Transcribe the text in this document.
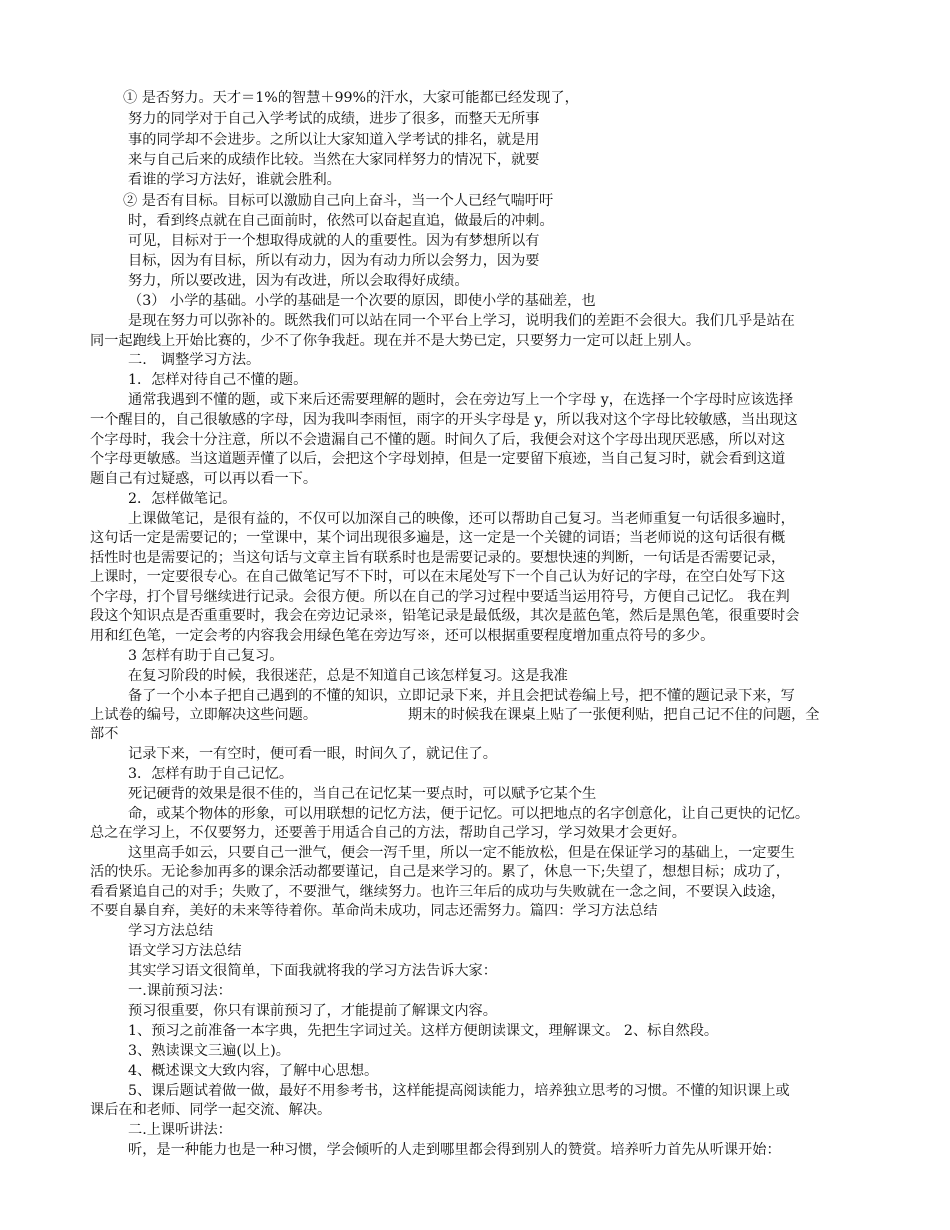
① 是否努力。天才＝1%的智慧＋99%的汗水，大家可能都已经发现了，
努力的同学对于自己入学考试的成绩，进步了很多，而整天无所事
事的同学却不会进步。之所以让大家知道入学考试的排名，就是用
来与自己后来的成绩作比较。当然在大家同样努力的情况下，就要
看谁的学习方法好，谁就会胜利。
② 是否有目标。目标可以激励自己向上奋斗，当一个人已经气喘吁吁
时，看到终点就在自己面前时，依然可以奋起直追，做最后的冲刺。
可见，目标对于一个想取得成就的人的重要性。因为有梦想所以有
目标，因为有目标，所以有动力，因为有动力所以会努力，因为要
努力，所以要改进，因为有改进，所以会取得好成绩。
（3） 小学的基础。小学的基础是一个次要的原因，即使小学的基础差，也
是现在努力可以弥补的。既然我们可以站在同一个平台上学习，说明我们的差距不会很大。我们几乎是站在
同一起跑线上开始比赛的，少不了你争我赶。现在并不是大势已定，只要努力一定可以赶上别人。
二.　调整学习方法。
1．怎样对待自己不懂的题。
通常我遇到不懂的题，或下来后还需要理解的题时，会在旁边写上一个字母 y，在选择一个字母时应该选择
一个醒目的，自己很敏感的字母，因为我叫李雨恒，雨字的开头字母是 y，所以我对这个字母比较敏感，当出现这
个字母时，我会十分注意，所以不会遗漏自己不懂的题。时间久了后，我便会对这个字母出现厌恶感，所以对这
个字母更敏感。当这道题弄懂了以后，会把这个字母划掉，但是一定要留下痕迹，当自己复习时，就会看到这道
题自己有过疑惑，可以再以看一下。
2．怎样做笔记。
上课做笔记，是很有益的，不仅可以加深自己的映像，还可以帮助自己复习。当老师重复一句话很多遍时，
这句话一定是需要记的；一堂课中，某个词出现很多遍是，这一定是一个关键的词语；当老师说的这句话很有概
括性时也是需要记的；当这句话与文章主旨有联系时也是需要记录的。要想快速的判断，一句话是否需要记录，
上课时，一定要很专心。在自己做笔记写不下时，可以在末尾处写下一个自己认为好记的字母，在空白处写下这
个字母，打个冒号继续进行记录。会很方便。所以在自己的学习过程中要适当运用符号，方便自己记忆。 我在判
段这个知识点是否重重要时，我会在旁边记录※，铅笔记录是最低级，其次是蓝色笔，然后是黑色笔，很重要时会
用和红色笔，一定会考的内容我会用绿色笔在旁边写※，还可以根据重要程度增加重点符号的多少。
3 怎样有助于自己复习。
在复习阶段的时候，我很迷茫，总是不知道自己该怎样复习。这是我准
备了一个小本子把自己遇到的不懂的知识，立即记录下来，并且会把试卷编上号，把不懂的题记录下来，写
上试卷的编号，立即解决这些问题。	期末的时候我在课桌上贴了一张便利贴，把自己记不住的问题，全
部不
记录下来，一有空时，便可看一眼，时间久了，就记住了。
3．怎样有助于自己记忆。
死记硬背的效果是很不佳的，当自己在记忆某一要点时，可以赋予它某个生
命，或某个物体的形象，可以用联想的记忆方法，便于记忆。可以把地点的名字创意化，让自己更快的记忆。
总之在学习上，不仅要努力，还要善于用适合自己的方法，帮助自己学习，学习效果才会更好。
这里高手如云，只要自己一泄气，便会一泻千里，所以一定不能放松，但是在保证学习的基础上，一定要生
活的快乐。无论参加再多的课余活动都要谨记，自己是来学习的。累了，休息一下;失望了，想想目标；成功了，
看看紧追自己的对手；失败了，不要泄气，继续努力。也许三年后的成功与失败就在一念之间，不要误入歧途，
不要自暴自弃，美好的未来等待着你。革命尚未成功，同志还需努力。篇四：学习方法总结
学习方法总结
语文学习方法总结
其实学习语文很简单，下面我就将我的学习方法告诉大家：
一.课前预习法：
预习很重要，你只有课前预习了，才能提前了解课文内容。
1、预习之前准备一本字典，先把生字词过关。这样方便朗读课文，理解课文。 2、标自然段。
3、熟读课文三遍(以上)。
4、概述课文大致内容，了解中心思想。
5、课后题试着做一做，最好不用参考书，这样能提高阅读能力，培养独立思考的习惯。不懂的知识课上或
课后在和老师、同学一起交流、解决。
二.上课听讲法：
听，是一种能力也是一种习惯，学会倾听的人走到哪里都会得到别人的赞赏。培养听力首先从听课开始：
